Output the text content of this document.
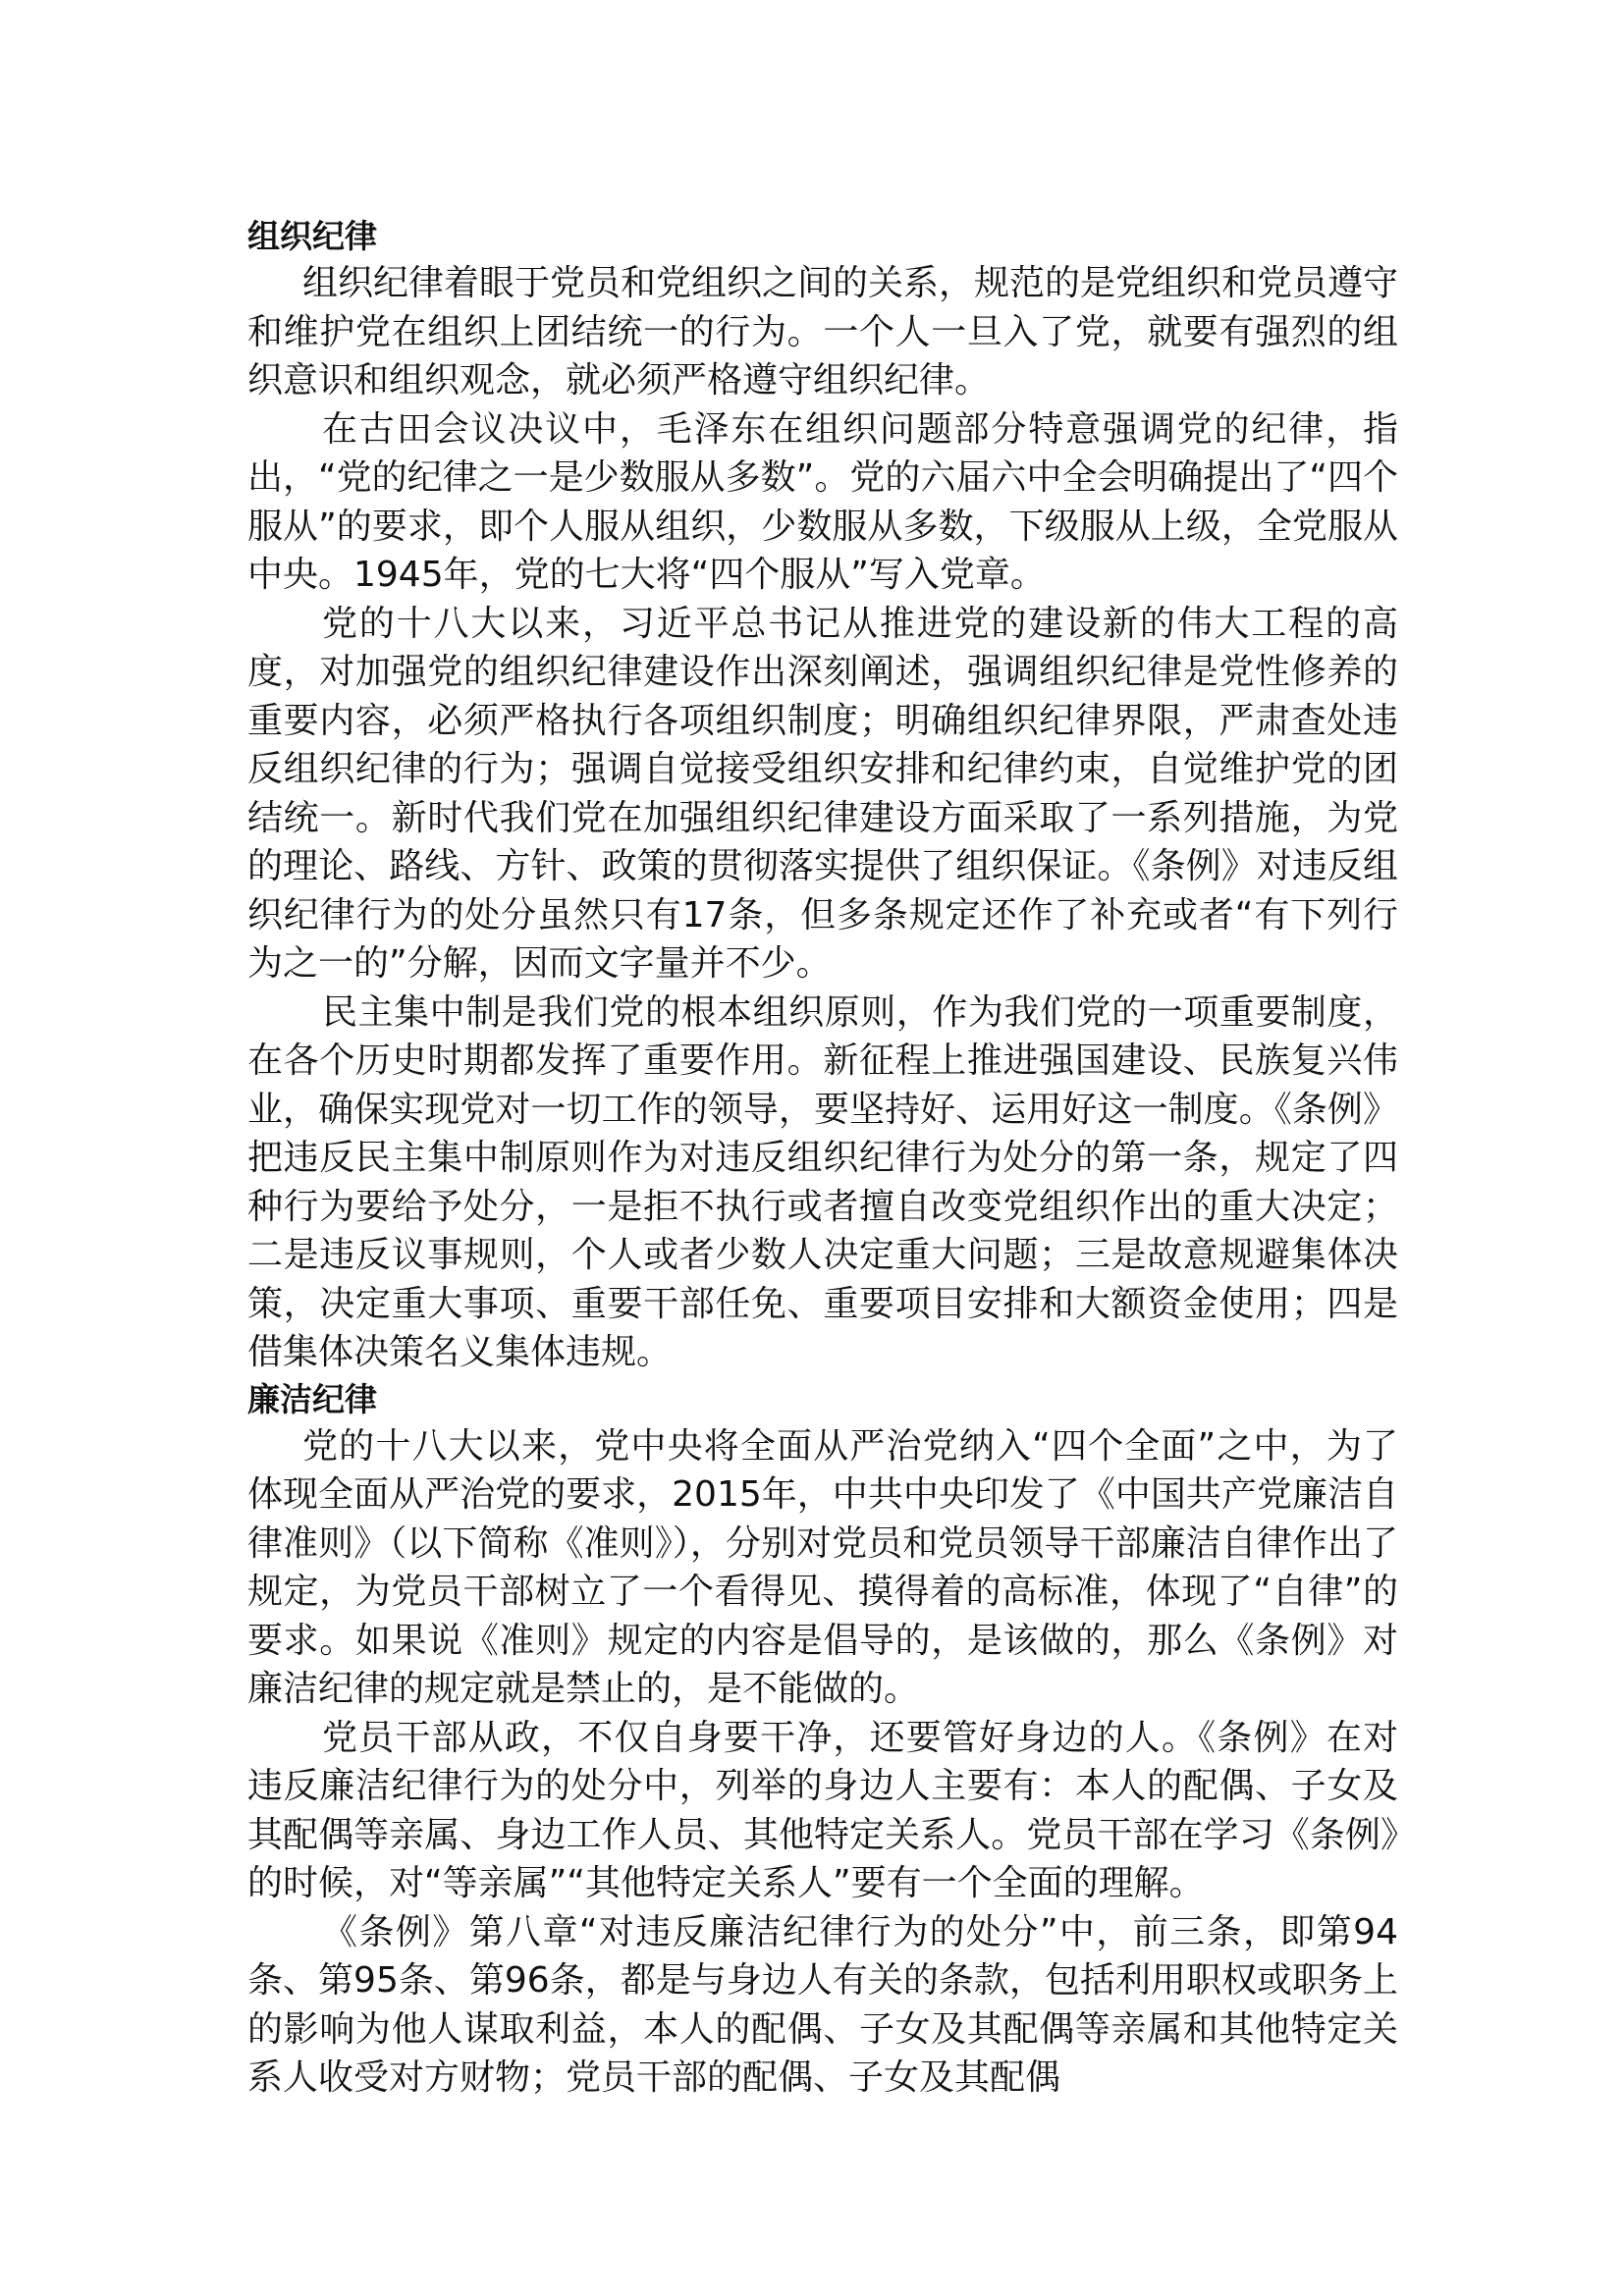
组织纪律

组织纪律着眼于党员和党组织之间的关系，规范的是党组织和党员遵守和维护党在组织上团结统一的行为。一个人一旦入了党，就要有强烈的组织意识和组织观念，就必须严格遵守组织纪律。

在古田会议决议中，毛泽东在组织问题部分特意强调党的纪律，指出，“党的纪律之一是少数服从多数”。党的六届六中全会明确提出了“四个服从”的要求，即个人服从组织，少数服从多数，下级服从上级，全党服从中央。1945年，党的七大将“四个服从”写入党章。

党的十八大以来，习近平总书记从推进党的建设新的伟大工程的高度，对加强党的组织纪律建设作出深刻阐述，强调组织纪律是党性修养的重要内容，必须严格执行各项组织制度；明确组织纪律界限，严肃查处违反组织纪律的行为；强调自觉接受组织安排和纪律约束，自觉维护党的团结统一。新时代我们党在加强组织纪律建设方面采取了一系列措施，为党的理论、路线、方针、政策的贯彻落实提供了组织保证。《条例》对违反组织纪律行为的处分虽然只有17条，但多条规定还作了补充或者“有下列行为之一的”分解，因而文字量并不少。

民主集中制是我们党的根本组织原则，作为我们党的一项重要制度，在各个历史时期都发挥了重要作用。新征程上推进强国建设、民族复兴伟业，确保实现党对一切工作的领导，要坚持好、运用好这一制度。《条例》把违反民主集中制原则作为对违反组织纪律行为处分的第一条，规定了四种行为要给予处分，一是拒不执行或者擅自改变党组织作出的重大决定；二是违反议事规则，个人或者少数人决定重大问题；三是故意规避集体决策，决定重大事项、重要干部任免、重要项目安排和大额资金使用；四是借集体决策名义集体违规。

廉洁纪律

党的十八大以来，党中央将全面从严治党纳入“四个全面”之中，为了体现全面从严治党的要求，2015年，中共中央印发了《中国共产党廉洁自律准则》（以下简称《准则》），分别对党员和党员领导干部廉洁自律作出了规定，为党员干部树立了一个看得见、摸得着的高标准，体现了“自律”的要求。如果说《准则》规定的内容是倡导的，是该做的，那么《条例》对廉洁纪律的规定就是禁止的，是不能做的。

党员干部从政，不仅自身要干净，还要管好身边的人。《条例》在对违反廉洁纪律行为的处分中，列举的身边人主要有：本人的配偶、子女及其配偶等亲属、身边工作人员、其他特定关系人。党员干部在学习《条例》的时候，对“等亲属”“其他特定关系人”要有一个全面的理解。

《条例》第八章“对违反廉洁纪律行为的处分”中，前三条，即第94条、第95条、第96条，都是与身边人有关的条款，包括利用职权或职务上的影响为他人谋取利益，本人的配偶、子女及其配偶等亲属和其他特定关系人收受对方财物；党员干部的配偶、子女及其配偶
